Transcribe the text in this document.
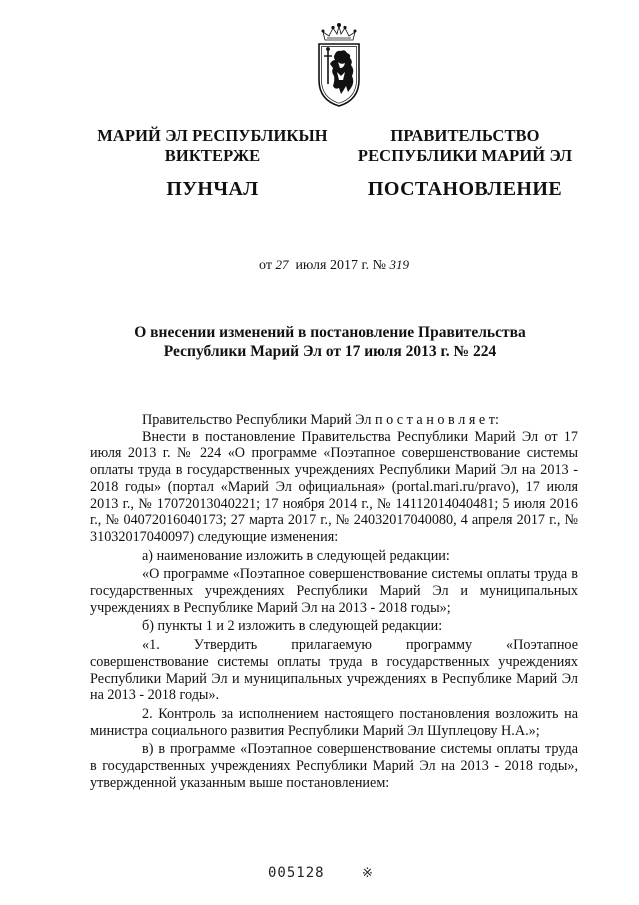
МАРИЙ ЭЛ РЕСПУБЛИКЫН
ВИКТЕРЖЕ
ПУНЧАЛ
ПРАВИТЕЛЬСТВО
РЕСПУБЛИКИ МАРИЙ ЭЛ
ПОСТАНОВЛЕНИЕ
от 27 июля 2017 г. № 319
О внесении изменений в постановление Правительства
Республики Марий Эл от 17 июля 2013 г. № 224

Правительство Республики Марий Эл п о с т а н о в л я е т:

Внести в постановление Правительства Республики Марий Эл от 17 июля 2013 г. № 224 «О программе «Поэтапное совершенствование системы оплаты труда в государственных учреждениях Республики Марий Эл на 2013 - 2018 годы» (портал «Марий Эл официальная» (portal.mari.ru/pravo), 17 июля 2013 г., № 17072013040221; 17 ноября 2014 г., № 14112014040481; 5 июля 2016 г., № 04072016040173; 27 марта 2017 г., № 24032017040080, 4 апреля 2017 г., № 31032017040097) следующие изменения:

а) наименование изложить в следующей редакции:

«О программе «Поэтапное совершенствование системы оплаты труда в государственных учреждениях Республики Марий Эл и муниципальных учреждениях в Республике Марий Эл на 2013 - 2018 годы»;

б) пункты 1 и 2 изложить в следующей редакции:

«1. Утвердить прилагаемую программу «Поэтапное совершенствование системы оплаты труда в государственных учреждениях Республики Марий Эл и муниципальных учреждениях в Республике Марий Эл на 2013 - 2018 годы».

2. Контроль за исполнением настоящего постановления возложить на министра социального развития Республики Марий Эл Шуплецову Н.А.»;

в) в программе «Поэтапное совершенствование системы оплаты труда в государственных учреждениях Республики Марий Эл на 2013 - 2018 годы», утвержденной указанным выше постановлением:

005128	※
